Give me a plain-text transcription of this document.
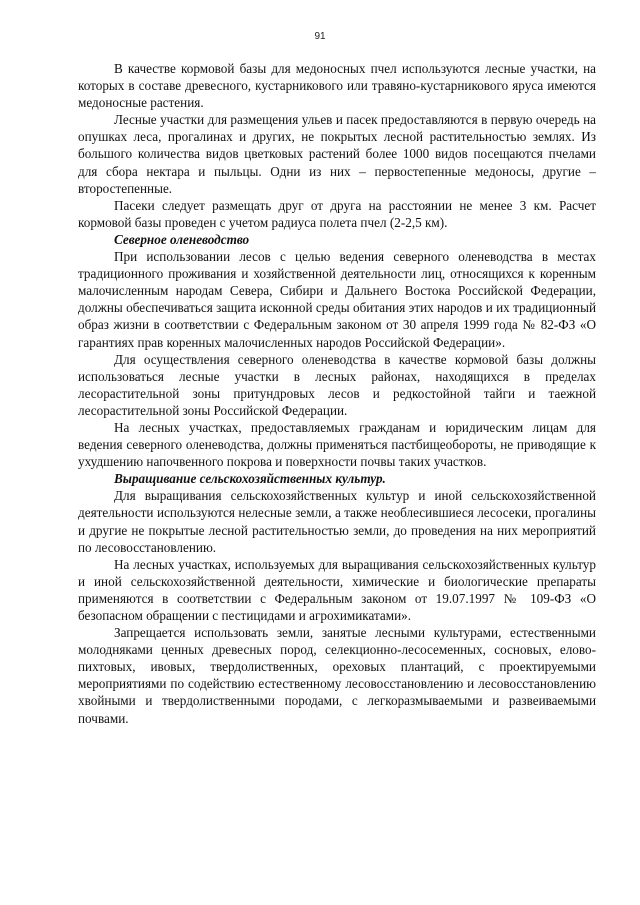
91

В качестве кормовой базы для медоносных пчел используются лесные участки, на которых в составе древесного, кустарникового или травяно-кустарникового яруса имеются медоносные растения.

Лесные участки для размещения ульев и пасек предоставляются в первую очередь на опушках леса, прогалинах и других, не покрытых лесной растительностью землях. Из большого количества видов цветковых растений более 1000 видов посещаются пчелами для сбора нектара и пыльцы. Одни из них – первостепенные медоносы, другие – второстепенные.

Пасеки следует размещать друг от друга на расстоянии не менее 3 км. Расчет кормовой базы проведен с учетом радиуса полета пчел (2-2,5 км).

Северное оленеводство

При использовании лесов с целью ведения северного оленеводства в местах традиционного проживания и хозяйственной деятельности лиц, относящихся к коренным малочисленным народам Севера, Сибири и Дальнего Востока Российской Федерации, должны обеспечиваться защита исконной среды обитания этих народов и их традиционный образ жизни в соответствии с Федеральным законом от 30 апреля 1999 года № 82-ФЗ «О гарантиях прав коренных малочисленных народов Российской Федерации».

Для осуществления северного оленеводства в качестве кормовой базы должны использоваться лесные участки в лесных районах, находящихся в пределах лесорастительной зоны притундровых лесов и редкостойной тайги и таежной лесорастительной зоны Российской Федерации.

На лесных участках, предоставляемых гражданам и юридическим лицам для ведения северного оленеводства, должны применяться пастбищеобороты, не приводящие к ухудшению напочвенного покрова и поверхности почвы таких участков.

Выращивание сельскохозяйственных культур.

Для выращивания сельскохозяйственных культур и иной сельскохозяйственной деятельности используются нелесные земли, а также необлесившиеся лесосеки, прогалины и другие не покрытые лесной растительностью земли, до проведения на них мероприятий по лесовосстановлению.

На лесных участках, используемых для выращивания сельскохозяйственных культур и иной сельскохозяйственной деятельности, химические и биологические препараты применяются в соответствии с Федеральным законом от 19.07.1997 № 109-ФЗ «О безопасном обращении с пестицидами и агрохимикатами».

Запрещается использовать земли, занятые лесными культурами, естественными молодняками ценных древесных пород, селекционно-лесосеменных, сосновых, елово-пихтовых, ивовых, твердолиственных, ореховых плантаций, с проектируемыми мероприятиями по содействию естественному лесовосстановлению и лесовосстановлению хвойными и твердолиственными породами, с легкоразмываемыми и развеиваемыми почвами.
